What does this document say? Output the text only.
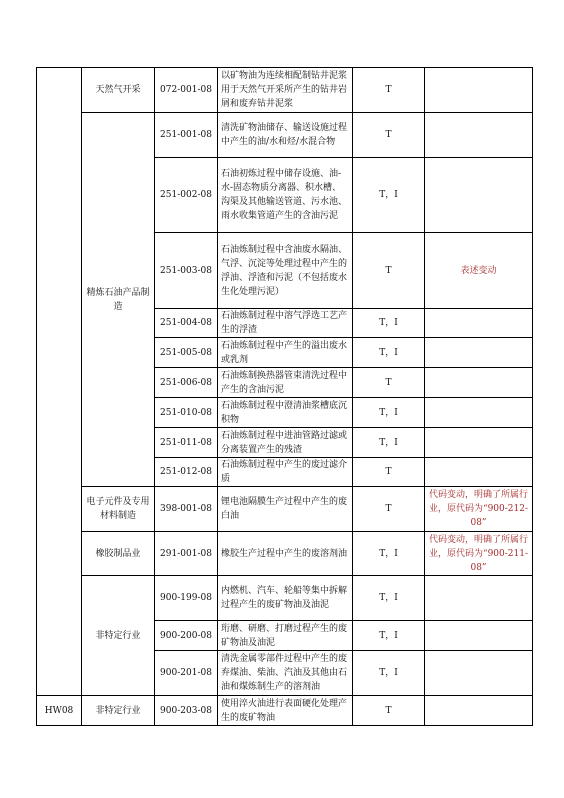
	天然气开采	072-001-08	以矿物油为连续相配制钻井泥浆用于天然气开采所产生的钻井岩屑和废弃钻井泥浆	T	
	精炼石油产品制造	251-001-08	清洗矿物油储存、输送设施过程中产生的油/水和烃/水混合物	T	
		251-002-08	石油初炼过程中储存设施、油-水-固态物质分离器、积水槽、沟渠及其他输送管道、污水池、雨水收集管道产生的含油污泥	T，I	
		251-003-08	石油炼制过程中含油废水隔油、气浮、沉淀等处理过程中产生的浮油、浮渣和污泥（不包括废水生化处理污泥）	T	表述变动
		251-004-08	石油炼制过程中溶气浮选工艺产生的浮渣	T，I	
		251-005-08	石油炼制过程中产生的溢出废水或乳剂	T，I	
		251-006-08	石油炼制换热器管束清洗过程中产生的含油污泥	T	
		251-010-08	石油炼制过程中澄清油浆槽底沉积物	T，I	
		251-011-08	石油炼制过程中进油管路过滤或分离装置产生的残渣	T，I	
		251-012-08	石油炼制过程中产生的废过滤介质	T	
	电子元件及专用材料制造	398-001-08	锂电池隔膜生产过程中产生的废白油	T	代码变动，明确了所属行业，原代码为“900-212-08”
	橡胶制品业	291-001-08	橡胶生产过程中产生的废溶剂油	T，I	代码变动，明确了所属行业，原代码为“900-211-08”
	非特定行业	900-199-08	内燃机、汽车、轮船等集中拆解过程产生的废矿物油及油泥	T，I	
		900-200-08	珩磨、研磨、打磨过程产生的废矿物油及油泥	T，I	
		900-201-08	清洗金属零部件过程中产生的废弃煤油、柴油、汽油及其他由石油和煤炼制生产的溶剂油	T，I	
HW08	非特定行业	900-203-08	使用淬火油进行表面硬化处理产生的废矿物油	T	
